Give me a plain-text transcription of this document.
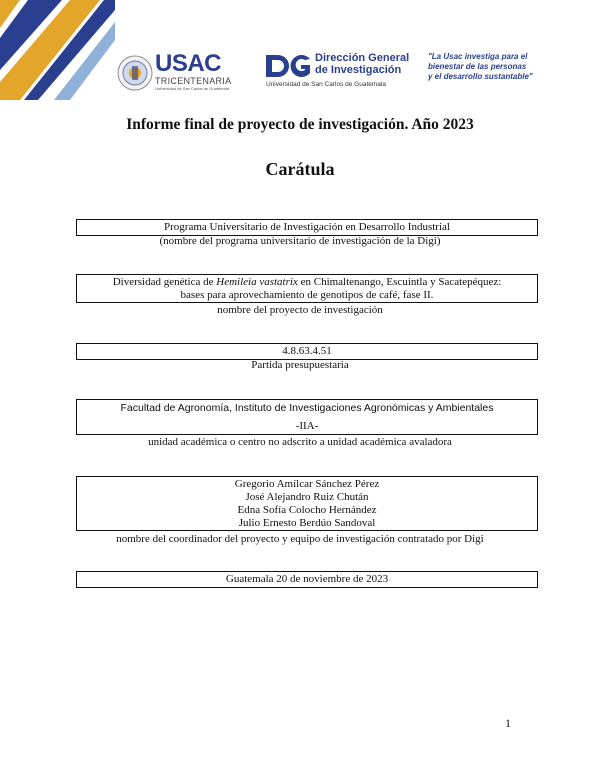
USAC
TRICENTENARIA
Universidad de San Carlos de Guatemala
Dirección General
de Investigación
Universidad de San Carlos de Guatemala
"La Usac investiga para el
bienestar de las personas
y el desarrollo sustantable"
Informe final de proyecto de investigación. Año 2023
Carátula
Programa Universitario de Investigación en Desarrollo Industrial
(nombre del programa universitario de investigación de la Digi)
Diversidad genética de Hemileia vastatrix en Chimaltenango, Escuintla y Sacatepéquez:
bases para aprovechamiento de genotipos de café, fase II.
nombre del proyecto de investigación
4.8.63.4.51
Partida presupuestaria
Facultad de Agronomía, Instituto de Investigaciones Agronómicas y Ambientales
-IIA-
unidad académica o centro no adscrito a unidad académica avaladora
Gregorio Amílcar Sánchez Pérez
José Alejandro Ruiz Chután
Edna Sofía Colocho Hernández
Julio Ernesto Berdúo Sandoval
nombre del coordinador del proyecto y equipo de investigación contratado por Digi
Guatemala 20 de noviembre de 2023
1
